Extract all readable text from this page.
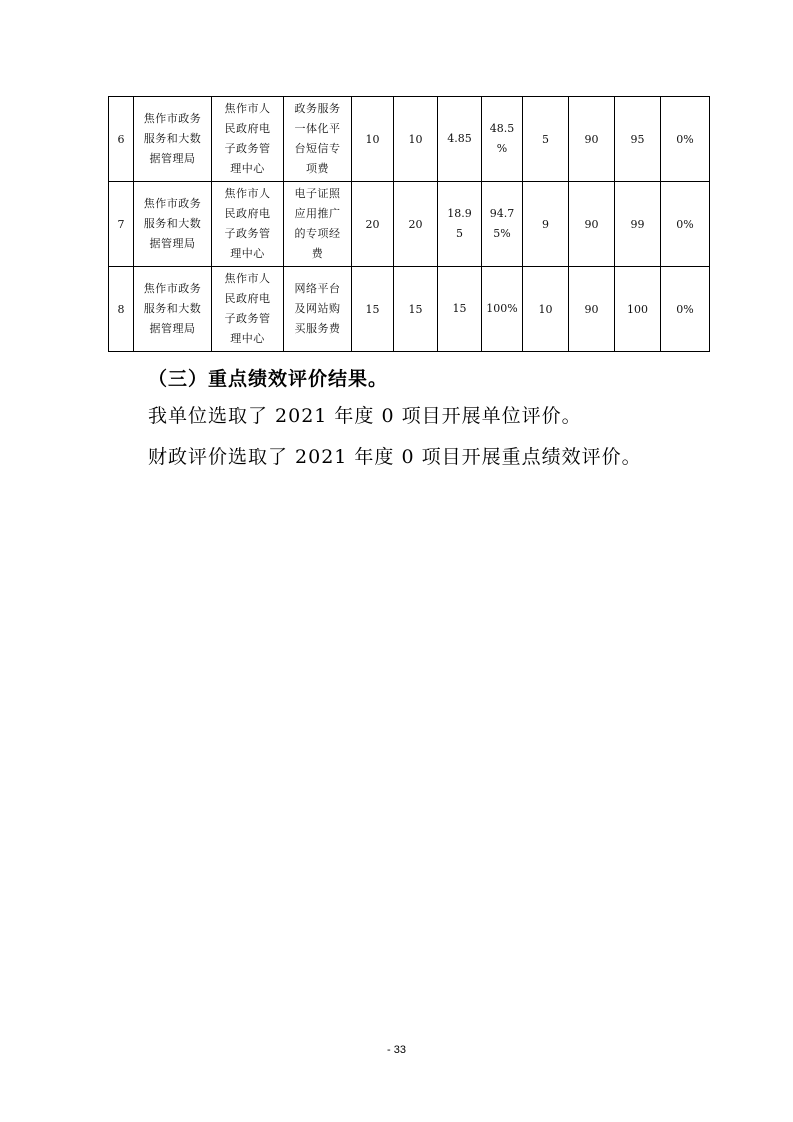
6	焦作市政务
服务和大数
据管理局	焦作市人
民政府电
子政务管
理中心	政务服务
一体化平
台短信专
项费	10	10	4.85	48.5
%	5	90	95	0%
7	焦作市政务
服务和大数
据管理局	焦作市人
民政府电
子政务管
理中心	电子证照
应用推广
的专项经
费	20	20	18.9
5	94.7
5%	9	90	99	0%
8	焦作市政务
服务和大数
据管理局	焦作市人
民政府电
子政务管
理中心	网络平台
及网站购
买服务费	15	15	15	100%	10	90	100	0%
（三）重点绩效评价结果。
我单位选取了 2021 年度 0 项目开展单位评价。
财政评价选取了 2021 年度 0 项目开展重点绩效评价。
- 33
